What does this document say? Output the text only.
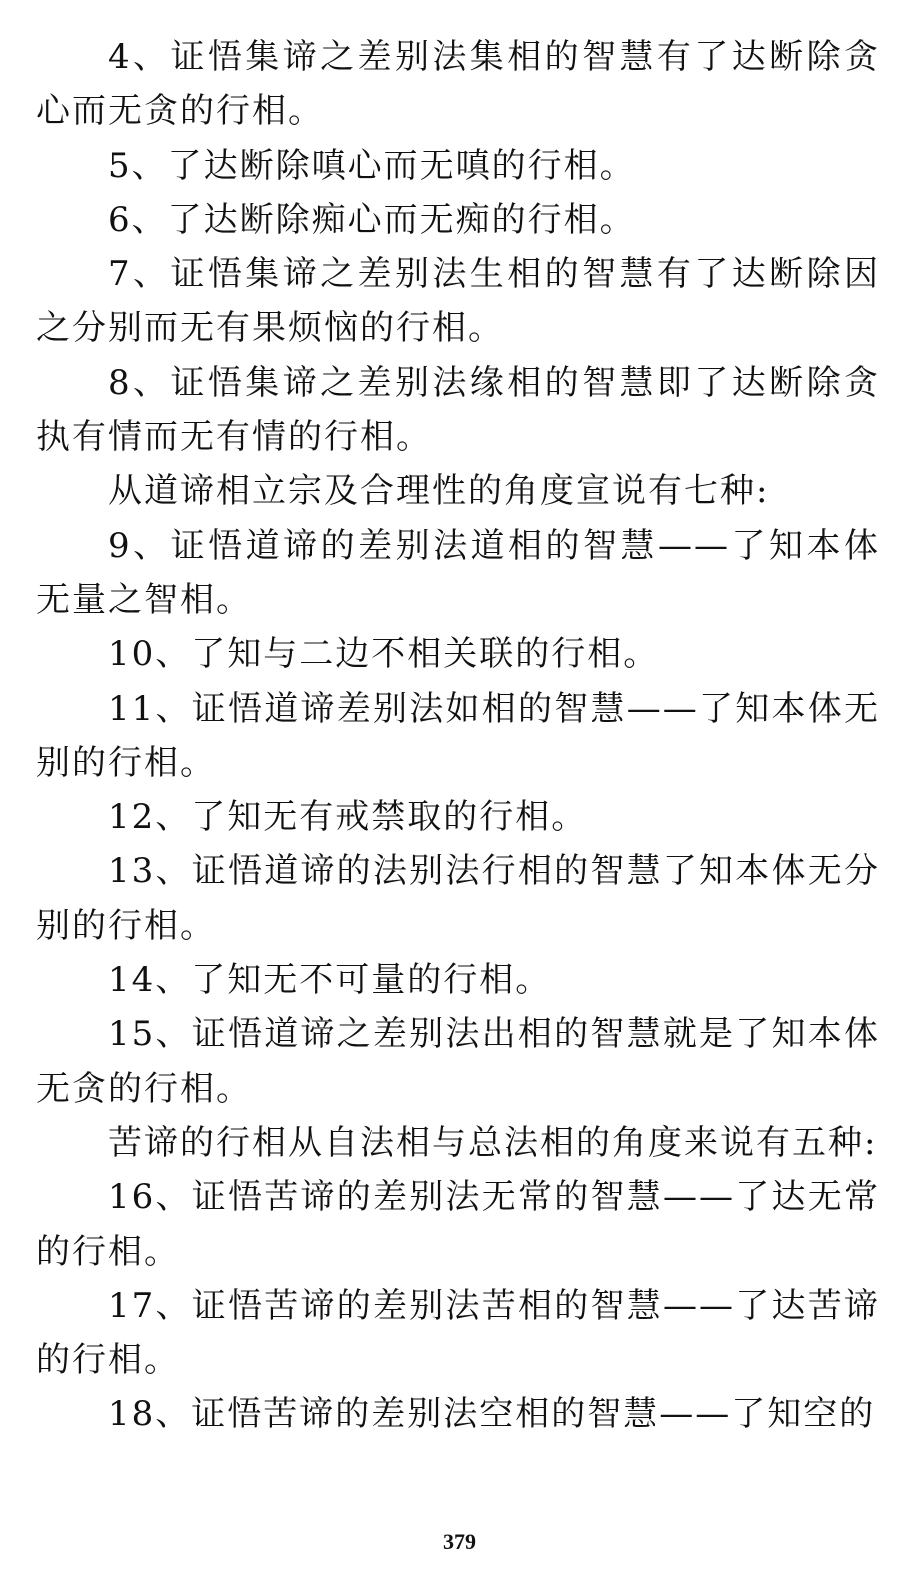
4、证悟集谛之差别法集相的智慧有了达断除贪心而无贪的行相。

5、了达断除嗔心而无嗔的行相。

6、了达断除痴心而无痴的行相。

7、证悟集谛之差别法生相的智慧有了达断除因之分别而无有果烦恼的行相。

8、证悟集谛之差别法缘相的智慧即了达断除贪执有情而无有情的行相。

从道谛相立宗及合理性的角度宣说有七种:

9、证悟道谛的差别法道相的智慧——了知本体无量之智相。

10、了知与二边不相关联的行相。

11、证悟道谛差别法如相的智慧——了知本体无别的行相。

12、了知无有戒禁取的行相。

13、证悟道谛的法别法行相的智慧了知本体无分别的行相。

14、了知无不可量的行相。

15、证悟道谛之差别法出相的智慧就是了知本体无贪的行相。

苦谛的行相从自法相与总法相的角度来说有五种:

16、证悟苦谛的差别法无常的智慧——了达无常的行相。

17、证悟苦谛的差别法苦相的智慧——了达苦谛的行相。

18、证悟苦谛的差别法空相的智慧——了知空的

379
